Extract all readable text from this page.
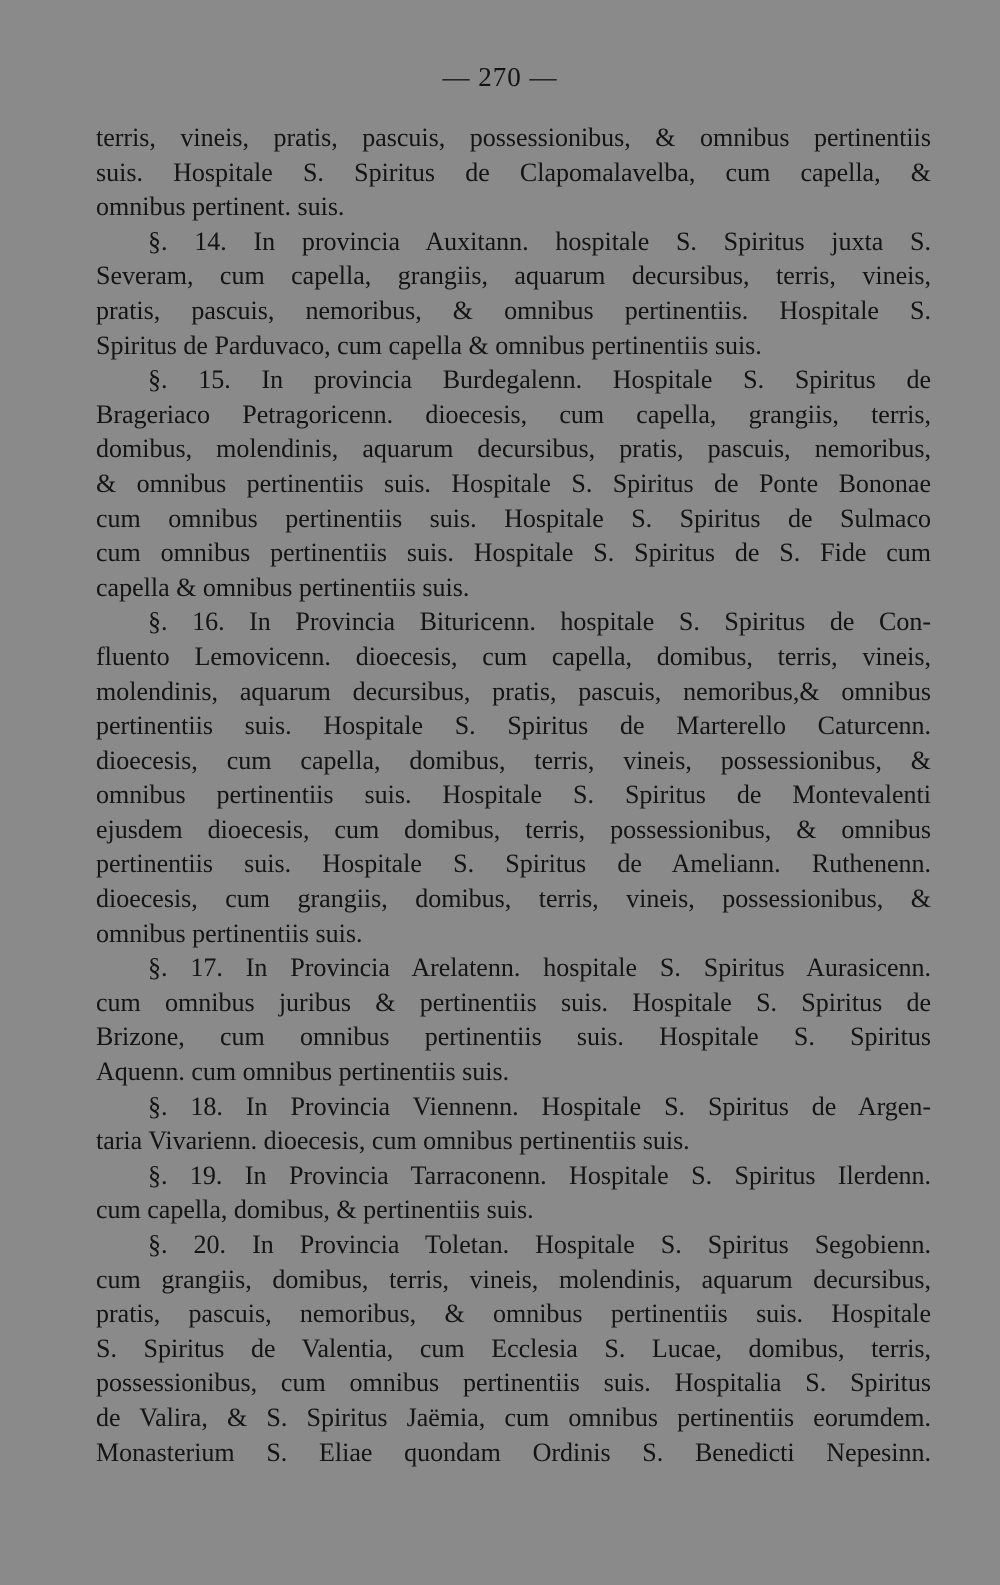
— 270 —
terris, vineis, pratis, pascuis, possessionibus, & omnibus pertinentiis
suis. Hospitale S. Spiritus de Clapomalavelba, cum capella, &
omnibus pertinent. suis.
§. 14. In provincia Auxitann. hospitale S. Spiritus juxta S.
Severam, cum capella, grangiis, aquarum decursibus, terris, vineis,
pratis, pascuis, nemoribus, & omnibus pertinentiis. Hospitale S.
Spiritus de Parduvaco, cum capella & omnibus pertinentiis suis.
§. 15. In provincia Burdegalenn. Hospitale S. Spiritus de
Brageriaco Petragoricenn. dioecesis, cum capella, grangiis, terris,
domibus, molendinis, aquarum decursibus, pratis, pascuis, nemoribus,
& omnibus pertinentiis suis. Hospitale S. Spiritus de Ponte Bononae
cum omnibus pertinentiis suis. Hospitale S. Spiritus de Sulmaco
cum omnibus pertinentiis suis. Hospitale S. Spiritus de S. Fide cum
capella & omnibus pertinentiis suis.
§. 16. In Provincia Bituricenn. hospitale S. Spiritus de Con-
fluento Lemovicenn. dioecesis, cum capella, domibus, terris, vineis,
molendinis, aquarum decursibus, pratis, pascuis, nemoribus,& omnibus
pertinentiis suis. Hospitale S. Spiritus de Marterello Caturcenn.
dioecesis, cum capella, domibus, terris, vineis, possessionibus, &
omnibus pertinentiis suis. Hospitale S. Spiritus de Montevalenti
ejusdem dioecesis, cum domibus, terris, possessionibus, & omnibus
pertinentiis suis. Hospitale S. Spiritus de Ameliann. Ruthenenn.
dioecesis, cum grangiis, domibus, terris, vineis, possessionibus, &
omnibus pertinentiis suis.
§. 17. In Provincia Arelatenn. hospitale S. Spiritus Aurasicenn.
cum omnibus juribus & pertinentiis suis. Hospitale S. Spiritus de
Brizone, cum omnibus pertinentiis suis. Hospitale S. Spiritus
Aquenn. cum omnibus pertinentiis suis.
§. 18. In Provincia Viennenn. Hospitale S. Spiritus de Argen-
taria Vivarienn. dioecesis, cum omnibus pertinentiis suis.
§. 19. In Provincia Tarraconenn. Hospitale S. Spiritus Ilerdenn.
cum capella, domibus, & pertinentiis suis.
§. 20. In Provincia Toletan. Hospitale S. Spiritus Segobienn.
cum grangiis, domibus, terris, vineis, molendinis, aquarum decursibus,
pratis, pascuis, nemoribus, & omnibus pertinentiis suis. Hospitale
S. Spiritus de Valentia, cum Ecclesia S. Lucae, domibus, terris,
possessionibus, cum omnibus pertinentiis suis. Hospitalia S. Spiritus
de Valira, & S. Spiritus Jaëmia, cum omnibus pertinentiis eorumdem.
Monasterium S. Eliae quondam Ordinis S. Benedicti Nepesinn.
